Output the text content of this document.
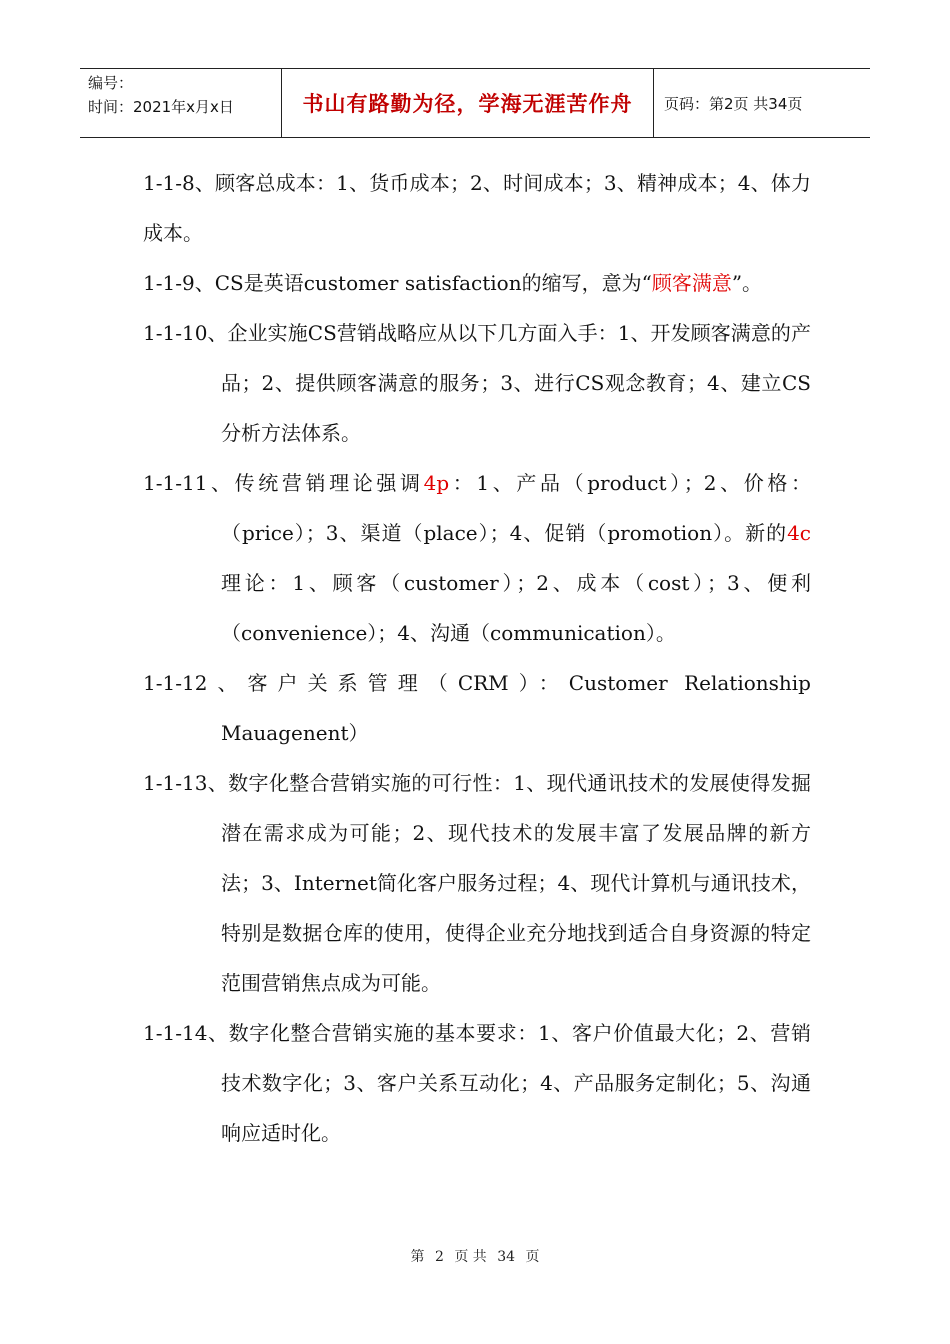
编号：
时间：2021年x月x日	书山有路勤为径，学海无涯苦作舟 页码：第2页 共34页

1-1-8、顾客总成本：1、货币成本；2、时间成本；3、精神成本；4、体力成本。

1-1-9、CS是英语customer satisfaction的缩写，意为“顾客满意”。

1-1-10、企业实施CS营销战略应从以下几方面入手：1、开发顾客满意的产品；2、提供顾客满意的服务；3、进行CS观念教育；4、建立CS分析方法体系。

1-1-11、传统营销理论强调4p：1、产品（product）；2、价格：（price）；3、渠道（place）；4、促销（promotion）。新的4c理论：1、顾客（customer）；2、成本（cost）；3、便利（convenience）；4、沟通（communication）。

1-1-12、客户关系管理（CRM）：Customer Relationship Mauagenent）

1-1-13、数字化整合营销实施的可行性：1、现代通讯技术的发展使得发掘潜在需求成为可能；2、现代技术的发展丰富了发展品牌的新方法；3、Internet简化客户服务过程；4、现代计算机与通讯技术，特别是数据仓库的使用，使得企业充分地找到适合自身资源的特定范围营销焦点成为可能。

1-1-14、数字化整合营销实施的基本要求：1、客户价值最大化；2、营销技术数字化；3、客户关系互动化；4、产品服务定制化；5、沟通响应适时化。

第 2 页 共 34 页
